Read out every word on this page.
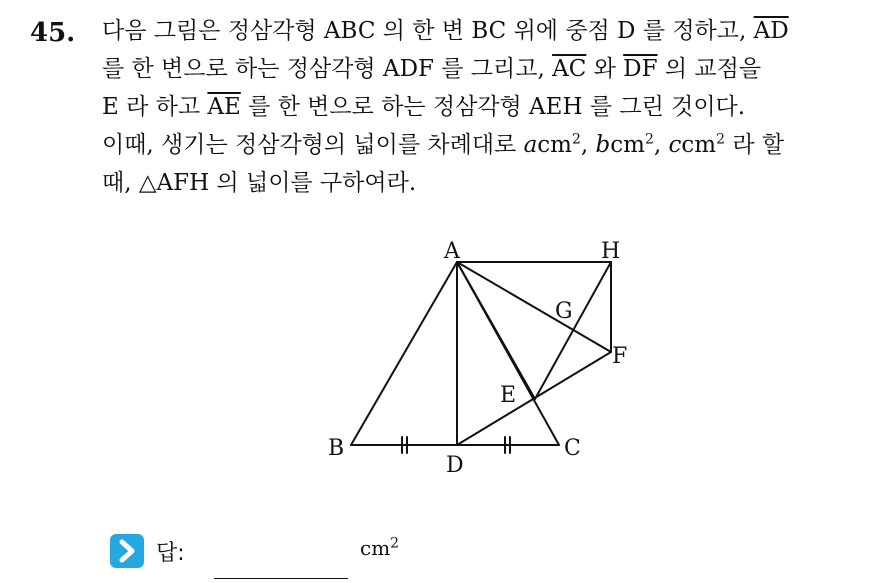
45. 다음 그림은 정삼각형 ABC 의 한 변 BC 위에 중점 D 를 정하고, $\overline{AD}$
를 한 변으로 하는 정삼각형 ADF 를 그리고, $\overline{AC}$ 와 $\overline{DF}$ 의 교점을
E 라 하고 $\overline{AE}$ 를 한 변으로 하는 정삼각형 AEH 를 그린 것이다.
이때, 생기는 정삼각형의 넓이를 차례대로 acm$^2$, bcm$^2$, ccm$^2$ 라 할
때, △AFH 의 넓이를 구하여라.
A	H
G
F
E
B
D
C
답:	$cm^2$
